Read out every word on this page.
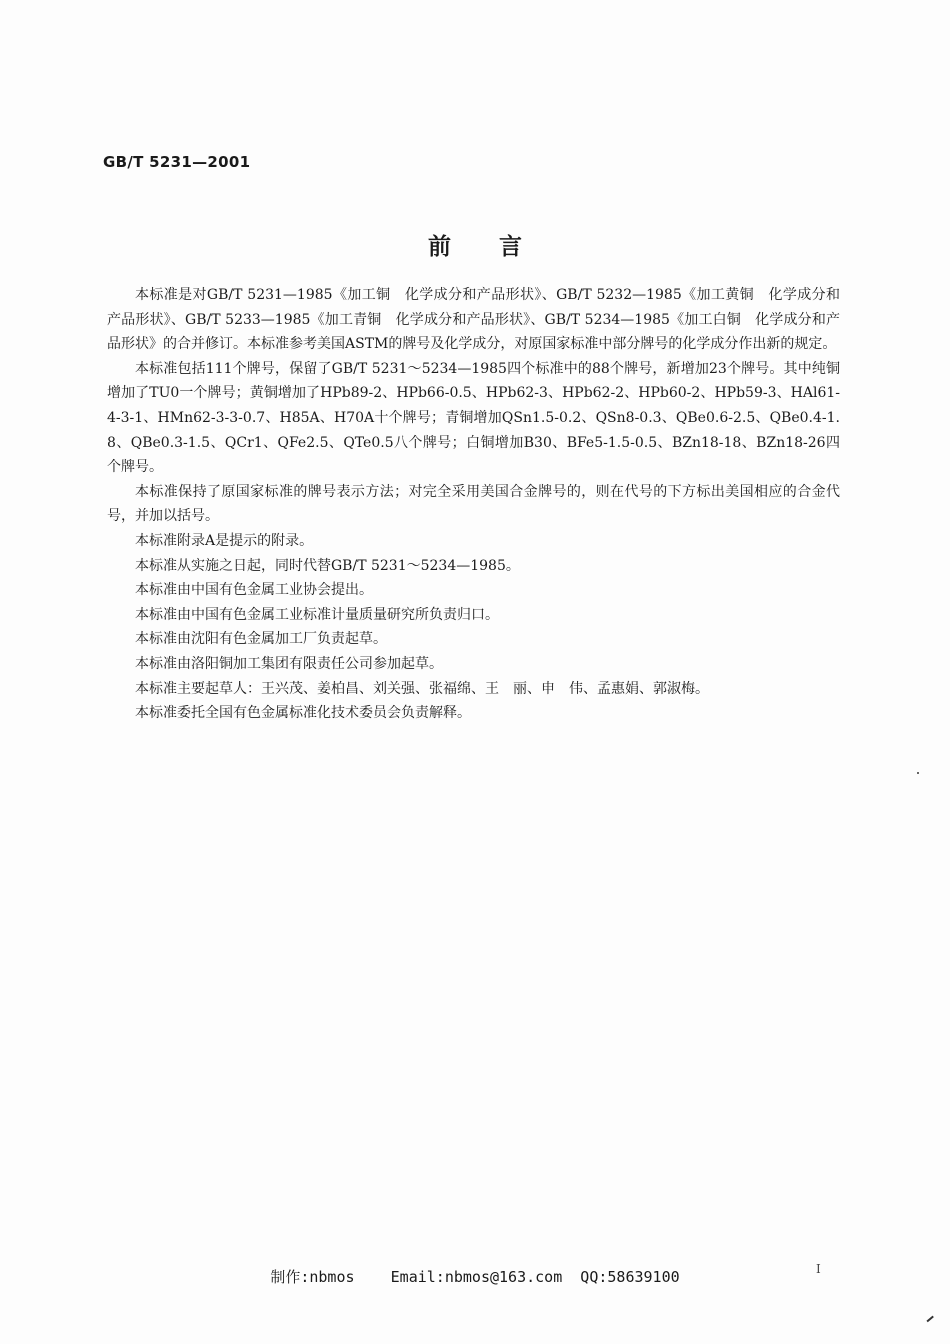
GB/T 5231—2001
前言

本标准是对GB/T 5231—1985《加工铜　化学成分和产品形状》、GB/T 5232—1985《加工黄铜　化学成分和产品形状》、GB/T 5233—1985《加工青铜　化学成分和产品形状》、GB/T 5234—1985《加工白铜　化学成分和产品形状》的合并修订。本标准参考美国ASTM的牌号及化学成分，对原国家标准中部分牌号的化学成分作出新的规定。

本标准包括111个牌号，保留了GB/T 5231～5234—1985四个标准中的88个牌号，新增加23个牌号。其中纯铜增加了TU0一个牌号；黄铜增加了HPb89-2、HPb66-0.5、HPb62-3、HPb62-2、HPb60-2、HPb59-3、HAl61-4-3-1、HMn62-3-3-0.7、H85A、H70A十个牌号；青铜增加QSn1.5-0.2、QSn8-0.3、QBe0.6-2.5、QBe0.4-1.8、QBe0.3-1.5、QCr1、QFe2.5、QTe0.5八个牌号；白铜增加B30、BFe5-1.5-0.5、BZn18-18、BZn18-26四个牌号。

本标准保持了原国家标准的牌号表示方法；对完全采用美国合金牌号的，则在代号的下方标出美国相应的合金代号，并加以括号。

本标准附录A是提示的附录。

本标准从实施之日起，同时代替GB/T 5231～5234—1985。

本标准由中国有色金属工业协会提出。

本标准由中国有色金属工业标准计量质量研究所负责归口。

本标准由沈阳有色金属加工厂负责起草。

本标准由洛阳铜加工集团有限责任公司参加起草。

本标准主要起草人：王兴茂、姜柏昌、刘关强、张福绵、王　丽、申　伟、孟惠娟、郭淑梅。

本标准委托全国有色金属标准化技术委员会负责解释。

I
制作:nbmos    Email:nbmos@163.com  QQ:58639100
